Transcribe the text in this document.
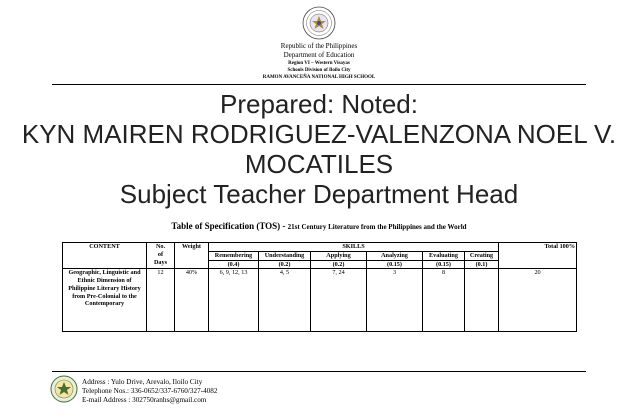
Republic of the Philippines
Department of Education
Region VI – Western Visayas
Schools Division of Iloilo City
RAMON AVANCEÑA NATIONAL HIGH SCHOOL
Prepared: Noted:
KYN MAIREN RODRIGUEZ-VALENZONA NOEL V.
MOCATILES
Subject Teacher Department Head
Table of Specification (TOS) - 21st Century Literature from the Philippines and the World
CONTENT	No.
of
Days	Weight	SKILLS						Total 100%
			Remembering	Understanding	Applying	Analyzing	Evaluating	Creating	
			(0.4)	(0.2)	(0.2)	(0.15)	(0.15)	(0.1)	
Geographic, Linguistic and Ethnic Dimension of Philippine Literary History from Pre-Colonial to the Contemporary	12	40%	6, 9, 12, 13	4, 5	7, 24	3	8		20
Address : Yulo Drive, Arevalo, Iloilo City
Telephone Nos.: 336-0652/337-6760/327-4082
E-mail Address : 302750ranhs@gmail.com
